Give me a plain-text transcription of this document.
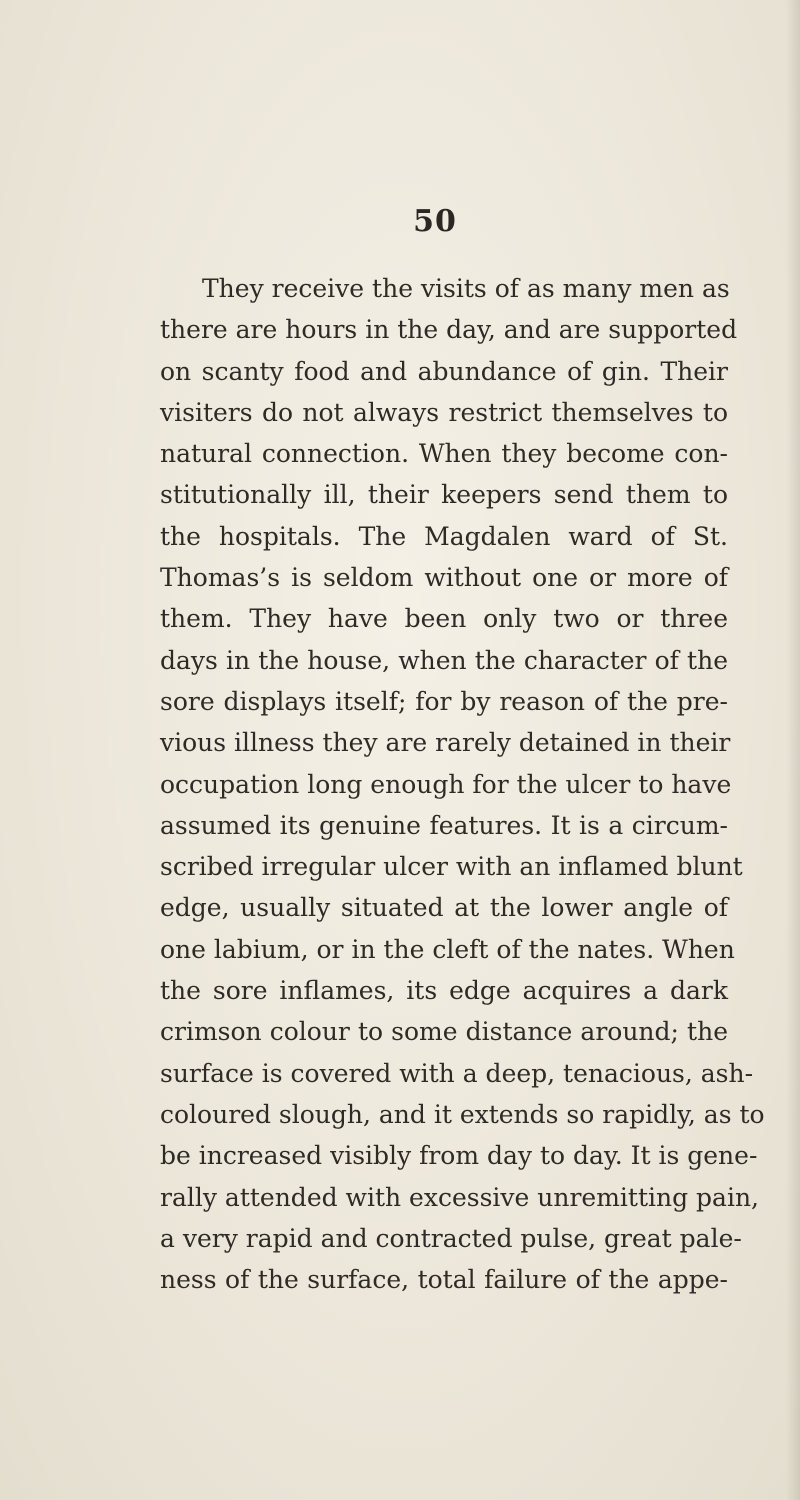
50
They receive the visits of as many men as
there are hours in the day, and are supported
on scanty food and abundance of gin. Their
visiters do not always restrict themselves to
natural connection. When they become con-
stitutionally ill, their keepers send them to
the hospitals. The Magdalen ward of St.
Thomas’s is seldom without one or more of
them. They have been only two or three
days in the house, when the character of the
sore displays itself; for by reason of the pre-
vious illness they are rarely detained in their
occupation long enough for the ulcer to have
assumed its genuine features. It is a circum-
scribed irregular ulcer with an inflamed blunt
edge, usually situated at the lower angle of
one labium, or in the cleft of the nates. When
the sore inflames, its edge acquires a dark
crimson colour to some distance around; the
surface is covered with a deep, tenacious, ash-
coloured slough, and it extends so rapidly, as to
be increased visibly from day to day. It is gene-
rally attended with excessive unremitting pain,
a very rapid and contracted pulse, great pale-
ness of the surface, total failure of the appe-
